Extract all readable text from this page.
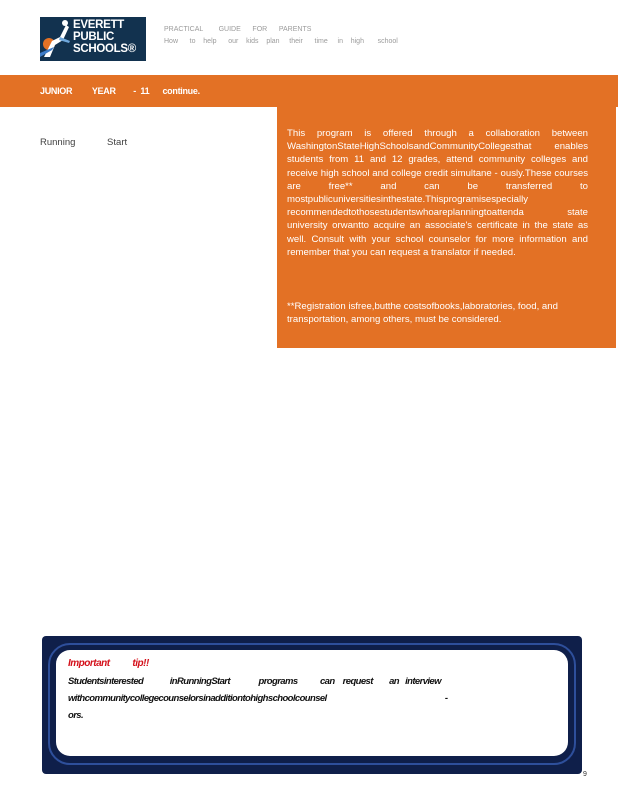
EVERETT
PUBLIC
SCHOOLS®
PRACTICAL        GUIDE      FOR      PARENTS
How      to    help      our    kids    plan     their      time     in    high       school
JUNIOR         YEAR        -  11      continue.
Running            Start
This program is offered through a collaboration between WashingtonStateHighSchoolsandCommunityCollegesthat enables students from 11 and 12 grades, attend community colleges and receive high school and college credit simultane - ously.These courses are free** and can be transferred to mostpublicuniversitiesinthestate.Thisprogramisespecially recommendedtothosestudentswhoareplanningtoattenda state university orwantto acquire an associate's certificate in the state as well. Consult with your school counselor for more information and remember that you can request a translator if needed.
**Registration isfree,butthe costsofbooks,laboratories, food, and transportation, among others, must be considered.
Important          tip!!
Studentsinterested             inRunningStart              programs           can    request        an   interview
withcommunitycollegecounselorsinadditiontohighschoolcounsel                                                          -
ors.
9
